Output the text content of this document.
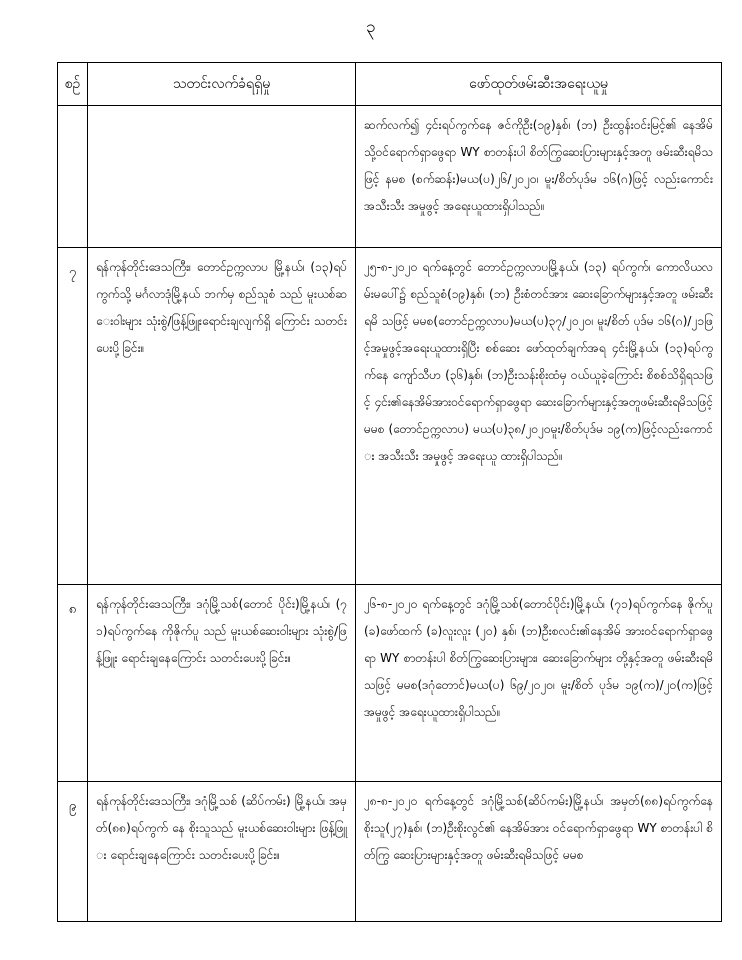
၃
စဉ်	သတင်းလက်ခံရရှိမှု	ဖော်ထုတ်ဖမ်းဆီးအရေးယူမှု
		ဆက်လက်၍ ၄င်းရပ်ကွက်နေ ဇင်ကိုဦး(၁၉)နှစ်၊ (ဘ) ဦးထွန်းဝင်းမြင့်၏ နေအိမ်သို့ဝင်ရောက်ရှာဖွေရာ WY စာတန်းပါ စိတ်ကြွဆေးပြားများနှင့်အတူ ဖမ်းဆီးရမိသဖြင့် နမစ (စက်ဆန်း)မယ(ပ)၂၆/၂၀၂၀၊ မူး/စိတ်ပုဒ်မ ၁၆(ဂ)ဖြင့် လည်းကောင်း အသီးသီး အမှုဖွင့် အရေးယူထားရှိပါသည်။
၇	ရန်ကုန်တိုင်းဒေသကြီး၊ တောင်ဥက္ကလာပ မြို့နယ်၊ (၁၃)ရပ်ကွက်သို့ မင်္ဂလာဒုံမြို့နယ် ဘက်မှ စည်သူစံ သည် မူးယစ်ဆေးဝါးများ သုံးစွဲ/ဖြန့်ဖြူးရောင်းချလျက်ရှိ ကြောင်း သတင်းပေးပို့ခြင်း။	၂၅-၈-၂၀၂၀ ရက်နေ့တွင် တောင်ဥက္ကလာပမြို့နယ်၊ (၁၃) ရပ်ကွက်၊ ကောလိယလမ်းမပေါ်၌ စည်သူစံ(၁၉)နှစ်၊ (ဘ) ဦးစံတင်အား ဆေးခြောက်များနှင့်အတူ ဖမ်းဆီးရမိ သဖြင့် မမစ(တောင်ဥက္ကလာပ)မယ(ပ)၃၇/၂၀၂၀၊ မူး/စိတ် ပုဒ်မ ၁၆(ဂ)/၂၁ဖြင့်အမှုဖွင့်အရေးယူထားရှိပြီး စစ်ဆေး ဖော်ထုတ်ချက်အရ ၄င်းမြို့နယ်၊ (၁၃)ရပ်ကွက်နေ ကျော်သီဟ (၃၆)နှစ်၊ (ဘ)ဦးသန်းစိုးထံမှ ဝယ်ယူခဲ့ကြောင်း စိစစ်သိရှိရသဖြင့် ၄င်း၏နေအိမ်အားဝင်ရောက်ရှာဖွေရာ ဆေးခြောက်များနှင့်အတူဖမ်းဆီးရမိသဖြင့် မမစ (တောင်ဥက္ကလာပ) မယ(ပ)၃၈/၂၀၂၀မူး/စိတ်ပုဒ်မ ၁၉(က)ဖြင့်လည်းကောင်း အသီးသီး အမှုဖွင့် အရေးယူ ထားရှိပါသည်။
၈	ရန်ကုန်တိုင်းဒေသကြီး၊ ဒဂုံမြို့သစ်(တောင် ပိုင်း)မြို့နယ်၊ (၇၁)ရပ်ကွက်နေ ကိုဇိုက်ပူ သည် မူးယစ်ဆေးဝါးများ သုံးစွဲ/ဖြန့်ဖြူး ရောင်းချနေကြောင်း သတင်းပေးပို့ခြင်း။	၂၆-၈-၂၀၂၀ ရက်နေ့တွင် ဒဂုံမြို့သစ်(တောင်ပိုင်း)မြို့နယ်၊ (၇၁)ရပ်ကွက်နေ ဇိုက်ပူ(ခ)ဖော်ထက် (ခ)လူးလူး (၂၀) နှစ်၊ (ဘ)ဦးစလင်း၏နေအိမ် အားဝင်ရောက်ရှာဖွေရာ WY စာတန်းပါ စိတ်ကြွဆေးပြားများ၊ ဆေးခြောက်များ တို့နှင့်အတူ ဖမ်းဆီးရမိသဖြင့် မမစ(ဒဂုံတောင်)မယ(ပ) ၆၉/၂၀၂၀၊ မူး/စိတ် ပုဒ်မ ၁၉(က)/၂၀(က)ဖြင့် အမှုဖွင့် အရေးယူထားရှိပါသည်။
၉	ရန်ကုန်တိုင်းဒေသကြီး၊ ဒဂုံမြို့သစ် (ဆိပ်ကမ်း) မြို့နယ်၊ အမှတ်(၈၈)ရပ်ကွက် နေ စိုးသူသည် မူးယစ်ဆေးဝါးများ ဖြန့်ဖြူး ရောင်းချနေကြောင်း သတင်းပေးပို့ခြင်း။	၂၈-၈-၂၀၂၀ ရက်နေ့တွင် ဒဂုံမြို့သစ်(ဆိပ်ကမ်း)မြို့နယ်၊ အမှတ်(၈၈)ရပ်ကွက်နေ စိုးသူ(၂၇)နှစ်၊ (ဘ)ဦးစိုးလွင်၏ နေအိမ်အား ဝင်ရောက်ရှာဖွေရာ WY စာတန်းပါ စိတ်ကြွ ဆေးပြားများနှင့်အတူ ဖမ်းဆီးရမိသဖြင့် မမစ
